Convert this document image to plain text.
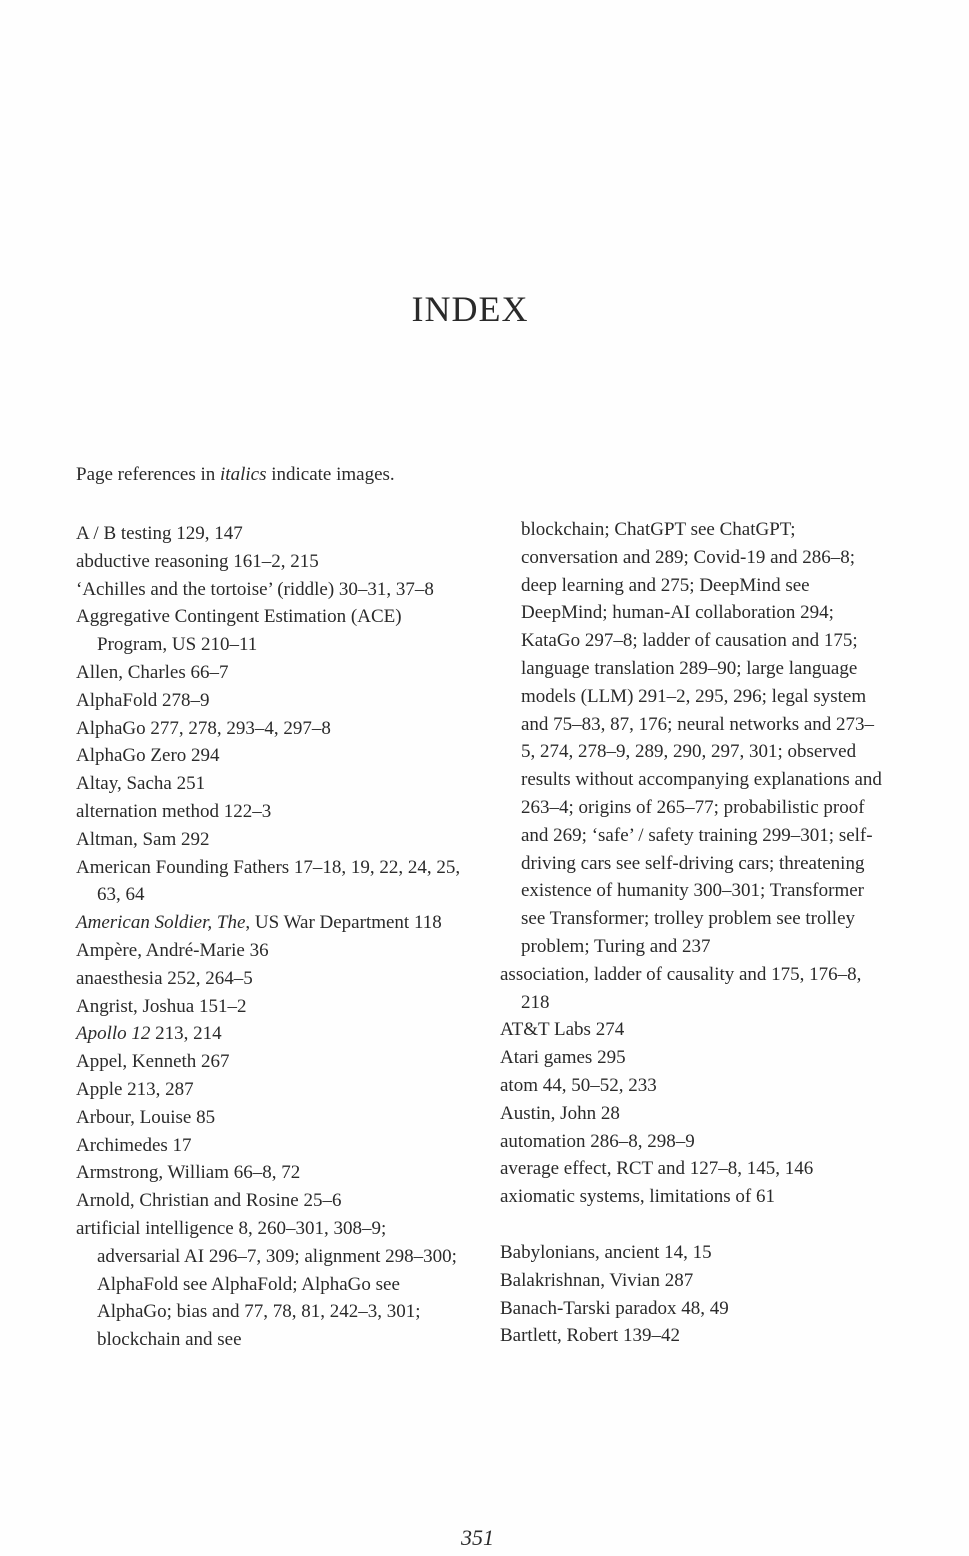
INDEX

Page references in italics indicate images.

A / B testing 129, 147

abductive reasoning 161–2, 215

‘Achilles and the tortoise’ (riddle) 30–31, 37–8

Aggregative Contingent Estimation (ACE) Program, US 210–11

Allen, Charles 66–7

AlphaFold 278–9

AlphaGo 277, 278, 293–4, 297–8

AlphaGo Zero 294

Altay, Sacha 251

alternation method 122–3

Altman, Sam 292

American Founding Fathers 17–18, 19, 22, 24, 25, 63, 64

American Soldier, The, US War Department 118

Ampère, André-Marie 36

anaesthesia 252, 264–5

Angrist, Joshua 151–2

Apollo 12 213, 214

Appel, Kenneth 267

Apple 213, 287

Arbour, Louise 85

Archimedes 17

Armstrong, William 66–8, 72

Arnold, Christian and Rosine 25–6

artificial intelligence 8, 260–301, 308–9; adversarial AI 296–7, 309; alignment 298–300; AlphaFold see AlphaFold; AlphaGo see AlphaGo; bias and 77, 78, 81, 242–3, 301; blockchain and see

blockchain; ChatGPT see ChatGPT; conversation and 289; Covid-19 and 286–8; deep learning and 275; DeepMind see DeepMind; human-AI collaboration 294; KataGo 297–8; ladder of causation and 175; language translation 289–90; large language models (LLM) 291–2, 295, 296; legal system and 75–83, 87, 176; neural networks and 273–5, 274, 278–9, 289, 290, 297, 301; observed results without accompanying explanations and 263–4; origins of 265–77; probabilistic proof and 269; ‘safe’ / safety training 299–301; self-driving cars see self-driving cars; threatening existence of humanity 300–301; Transformer see Transformer; trolley problem see trolley problem; Turing and 237

association, ladder of causality and 175, 176–8, 218

AT&T Labs 274

Atari games 295

atom 44, 50–52, 233

Austin, John 28

automation 286–8, 298–9

average effect, RCT and 127–8, 145, 146

axiomatic systems, limitations of 61

Babylonians, ancient 14, 15

Balakrishnan, Vivian 287

Banach-Tarski paradox 48, 49

Bartlett, Robert 139–42

351
